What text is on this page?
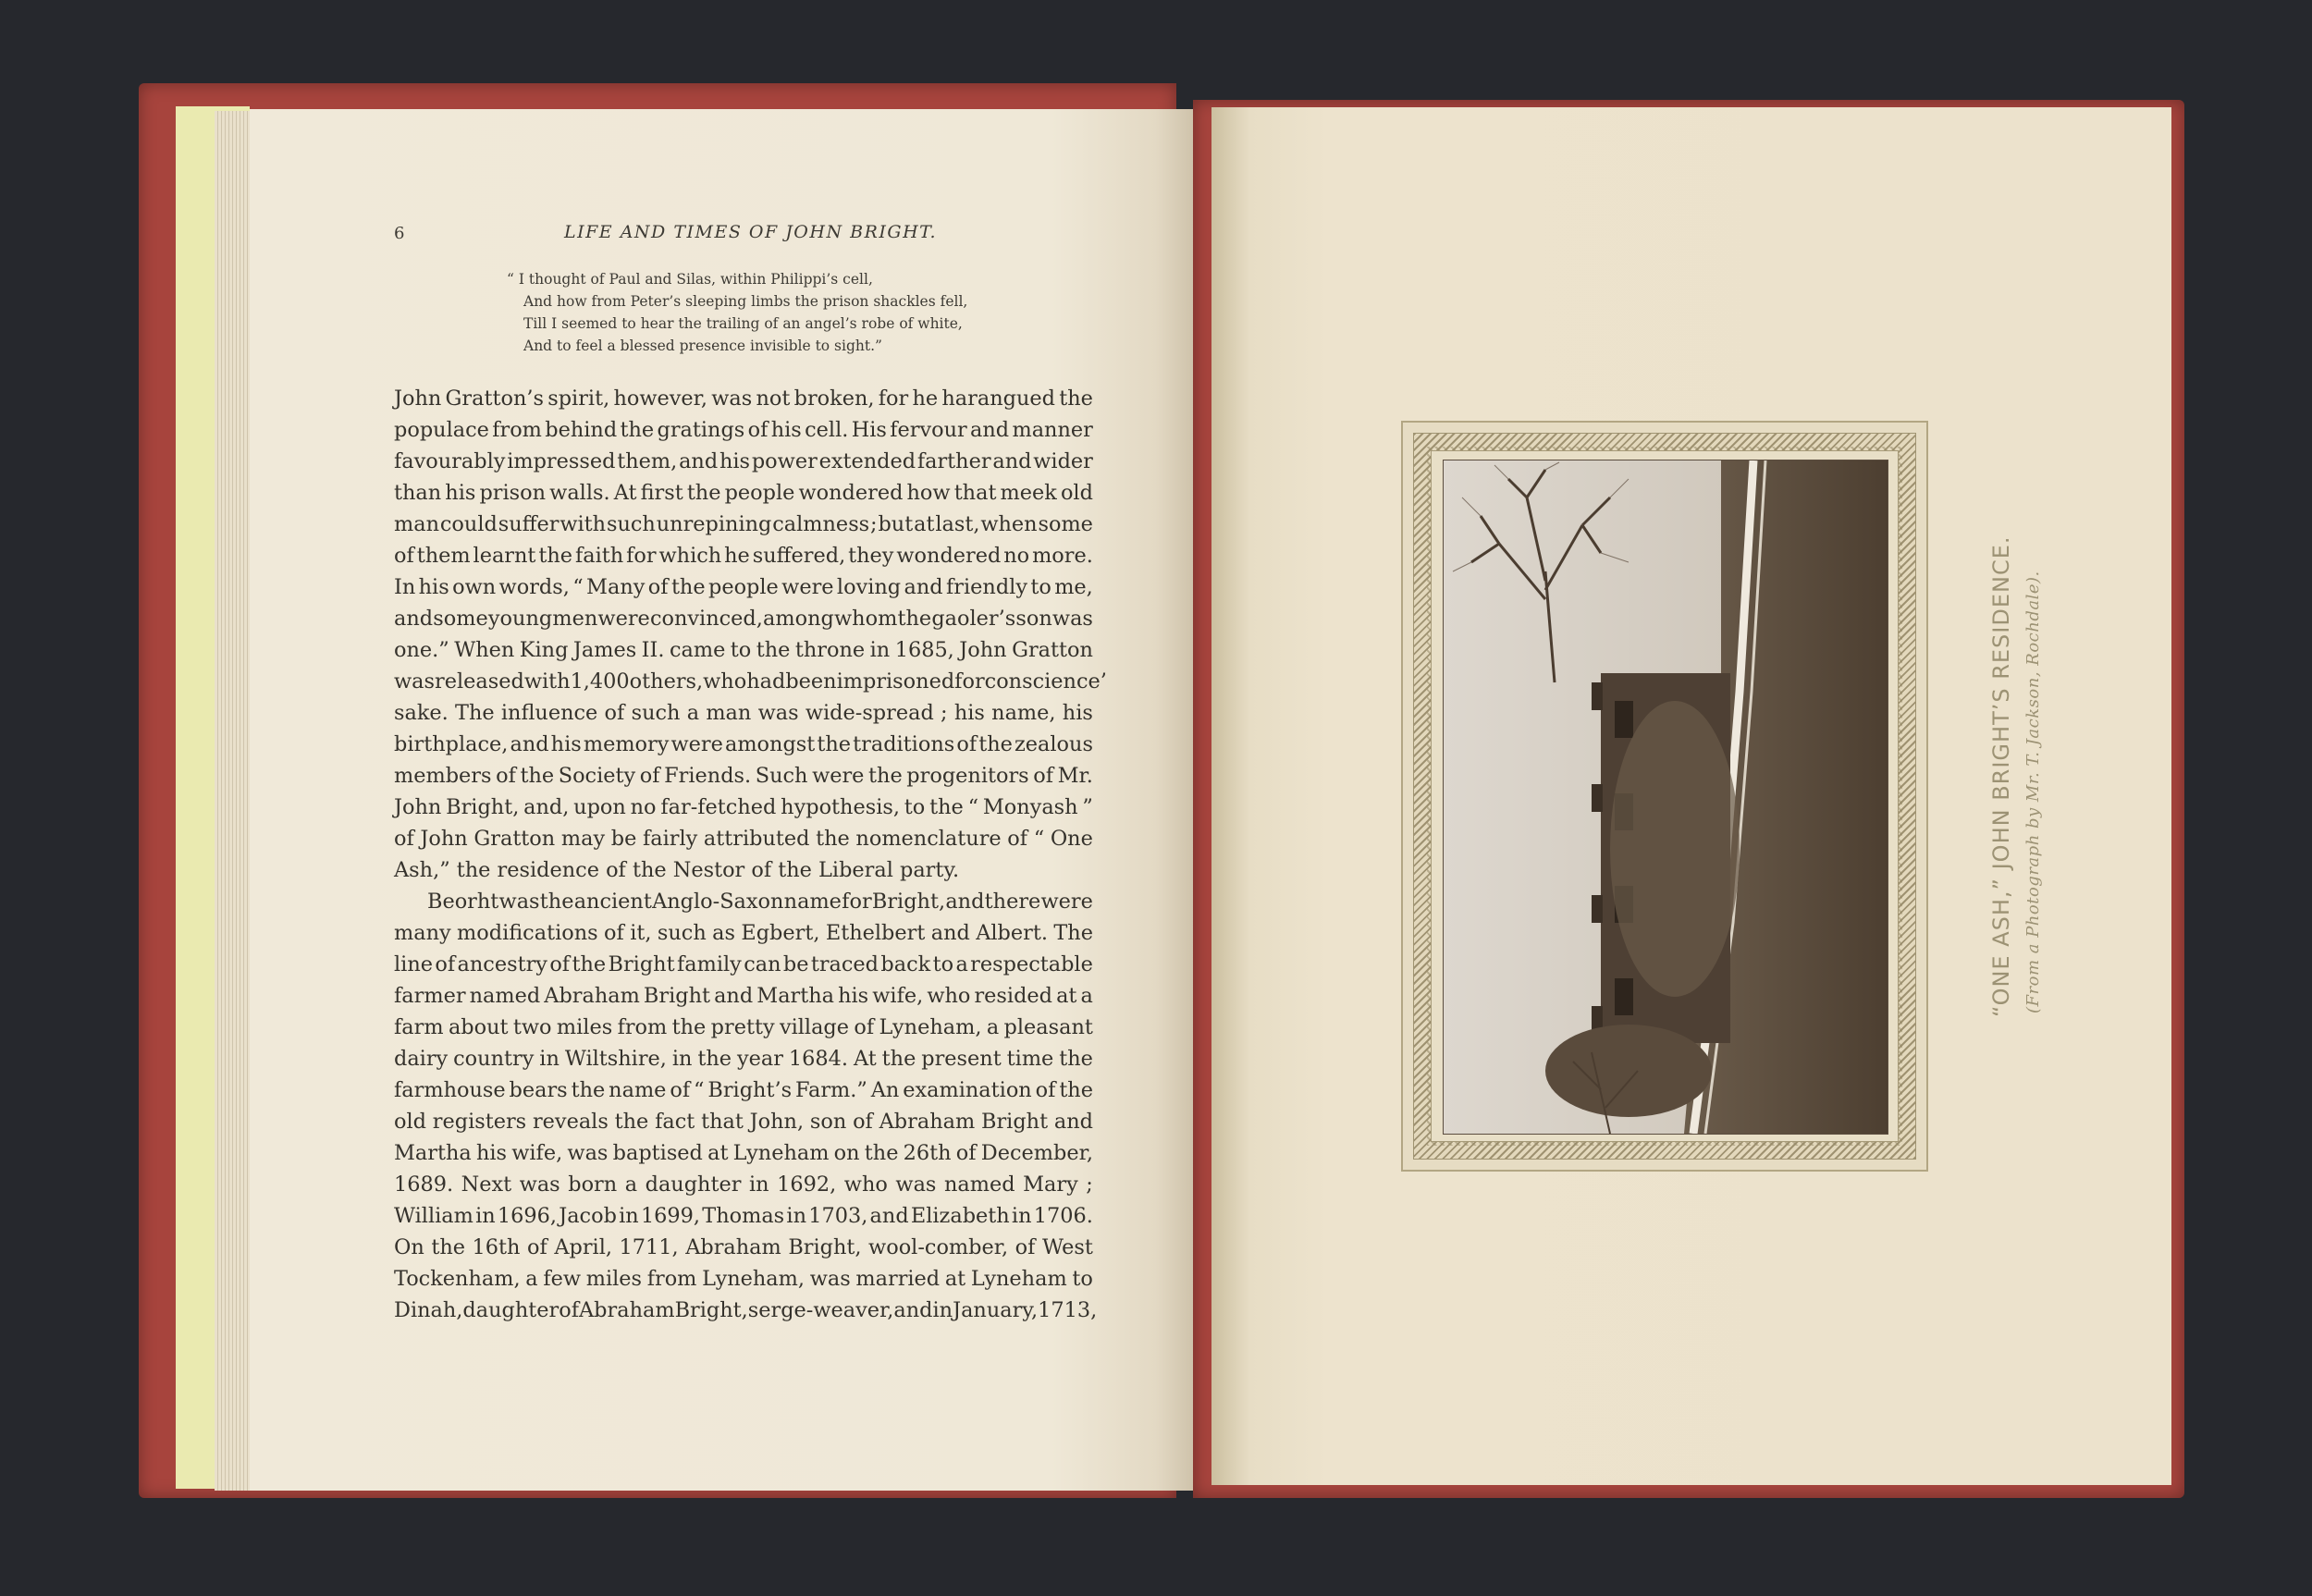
6	LIFE AND TIMES OF JOHN BRIGHT.
“ I thought of Paul and Silas, within Philippi’s cell,
And how from Peter’s sleeping limbs the prison shackles fell,
Till I seemed to hear the trailing of an angel’s robe of white,
And to feel a blessed presence invisible to sight.”
John Gratton’s spirit, however, was not broken, for he harangued the
populace from behind the gratings of his cell. His fervour and manner
favourably impressed them, and his power extended farther and wider
than his prison walls. At first the people wondered how that meek old
man could suffer with such unrepining calmness ; but at last, when some
of them learnt the faith for which he suffered, they wondered no more.
In his own words, “ Many of the people were loving and friendly to me,
and some young men were convinced, among whom the gaoler’s son was
one.” When King James II. came to the throne in 1685, John Gratton
was released with 1,400 others, who had been imprisoned for conscience’
sake. The influence of such a man was wide-spread ; his name, his
birthplace, and his memory were amongst the traditions of the zealous
members of the Society of Friends. Such were the progenitors of Mr.
John Bright, and, upon no far-fetched hypothesis, to the “ Monyash ”
of John Gratton may be fairly attributed the nomenclature of “ One
Ash,” the residence of the Nestor of the Liberal party.
Beorht was the ancient Anglo-Saxon name for Bright, and there were
many modifications of it, such as Egbert, Ethelbert and Albert. The
line of ancestry of the Bright family can be traced back to a respectable
farmer named Abraham Bright and Martha his wife, who resided at a
farm about two miles from the pretty village of Lyneham, a pleasant
dairy country in Wiltshire, in the year 1684. At the present time the
farmhouse bears the name of “ Bright’s Farm.” An examination of the
old registers reveals the fact that John, son of Abraham Bright and
Martha his wife, was baptised at Lyneham on the 26th of December,
1689. Next was born a daughter in 1692, who was named Mary ;
William in 1696, Jacob in 1699, Thomas in 1703, and Elizabeth in 1706.
On the 16th of April, 1711, Abraham Bright, wool-comber, of West
Tockenham, a few miles from Lyneham, was married at Lyneham to
Dinah, daughter of Abraham Bright, serge-weaver, and in January, 1713,
“ONE ASH,” JOHN BRIGHT’S RESIDENCE. (From a Photograph by Mr. T. Jackson, Rochdale).
